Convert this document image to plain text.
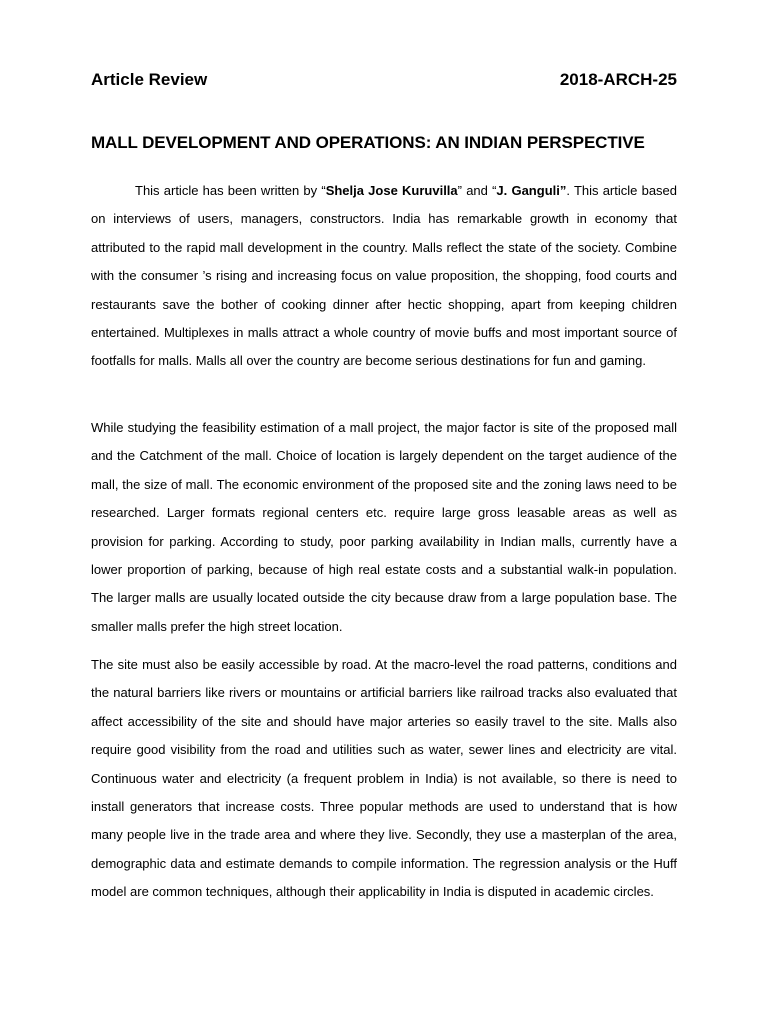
Article Review	2018-ARCH-25
MALL DEVELOPMENT AND OPERATIONS: AN INDIAN PERSPECTIVE

This article has been written by “Shelja Jose Kuruvilla” and “J. Ganguli”. This article based on interviews of users, managers, constructors. India has remarkable growth in economy that attributed to the rapid mall development in the country. Malls reflect the state of the society. Combine with the consumer ’s rising and increasing focus on value proposition, the shopping, food courts and restaurants save the bother of cooking dinner after hectic shopping, apart from keeping children entertained. Multiplexes in malls attract a whole country of movie buffs and most important source of footfalls for malls. Malls all over the country are become serious destinations for fun and gaming.

While studying the feasibility estimation of a mall project, the major factor is site of the proposed mall and the Catchment of the mall. Choice of location is largely dependent on the target audience of the mall, the size of mall. The economic environment of the proposed site and the zoning laws need to be researched. Larger formats regional centers etc. require large gross leasable areas as well as provision for parking. According to study, poor parking availability in Indian malls, currently have a lower proportion of parking, because of high real estate costs and a substantial walk-in population. The larger malls are usually located outside the city because draw from a large population base. The smaller malls prefer the high street location.

The site must also be easily accessible by road. At the macro-level the road patterns, conditions and the natural barriers like rivers or mountains or artificial barriers like railroad tracks also evaluated that affect accessibility of the site and should have major arteries so easily travel to the site. Malls also require good visibility from the road and utilities such as water, sewer lines and electricity are vital. Continuous water and electricity (a frequent problem in India) is not available, so there is need to install generators that increase costs. Three popular methods are used to understand that is how many people live in the trade area and where they live. Secondly, they use a masterplan of the area, demographic data and estimate demands to compile information. The regression analysis or the Huff model are common techniques, although their applicability in India is disputed in academic circles.
